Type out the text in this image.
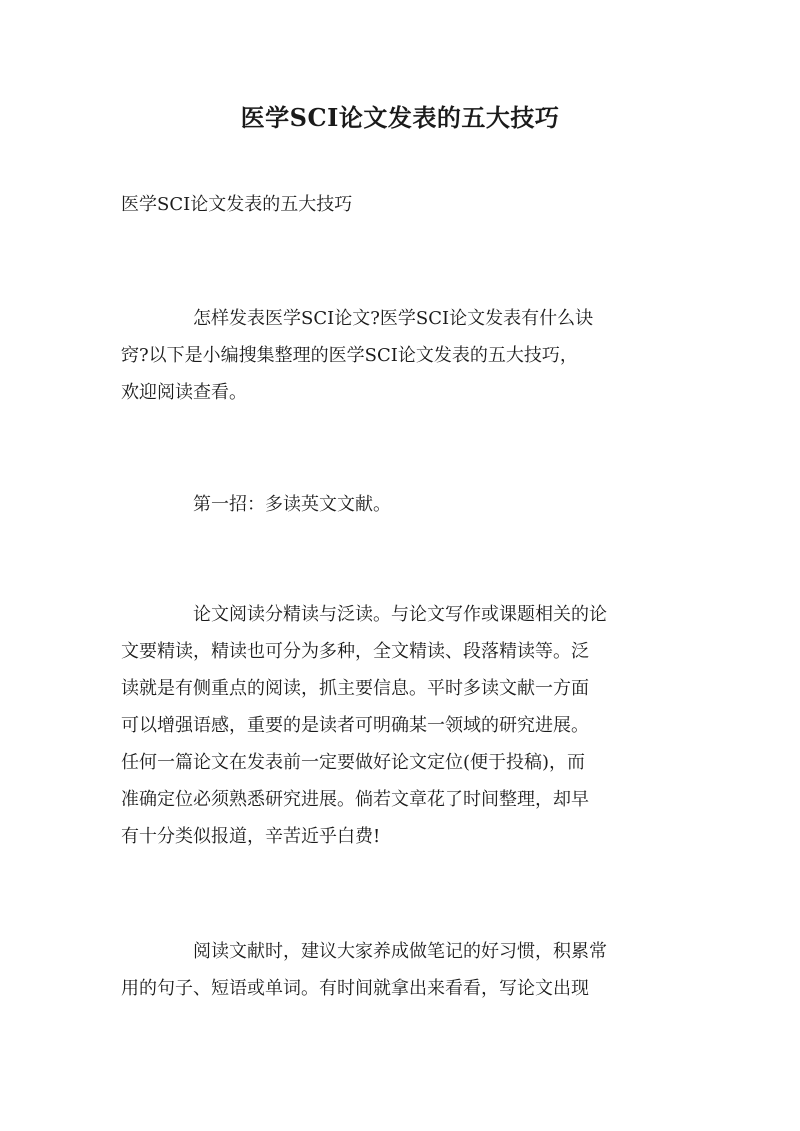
医学SCI论文发表的五大技巧
医学SCI论文发表的五大技巧
怎样发表医学SCI论文?医学SCI论文发表有什么诀
窍?以下是小编搜集整理的医学SCI论文发表的五大技巧，
欢迎阅读查看。
第一招：多读英文文献。
论文阅读分精读与泛读。与论文写作或课题相关的论
文要精读，精读也可分为多种，全文精读、段落精读等。泛
读就是有侧重点的阅读，抓主要信息。平时多读文献一方面
可以增强语感，重要的是读者可明确某一领域的研究进展。
任何一篇论文在发表前一定要做好论文定位(便于投稿)，而
准确定位必须熟悉研究进展。倘若文章花了时间整理，却早
有十分类似报道，辛苦近乎白费!
阅读文献时，建议大家养成做笔记的好习惯，积累常
用的句子、短语或单词。有时间就拿出来看看，写论文出现
